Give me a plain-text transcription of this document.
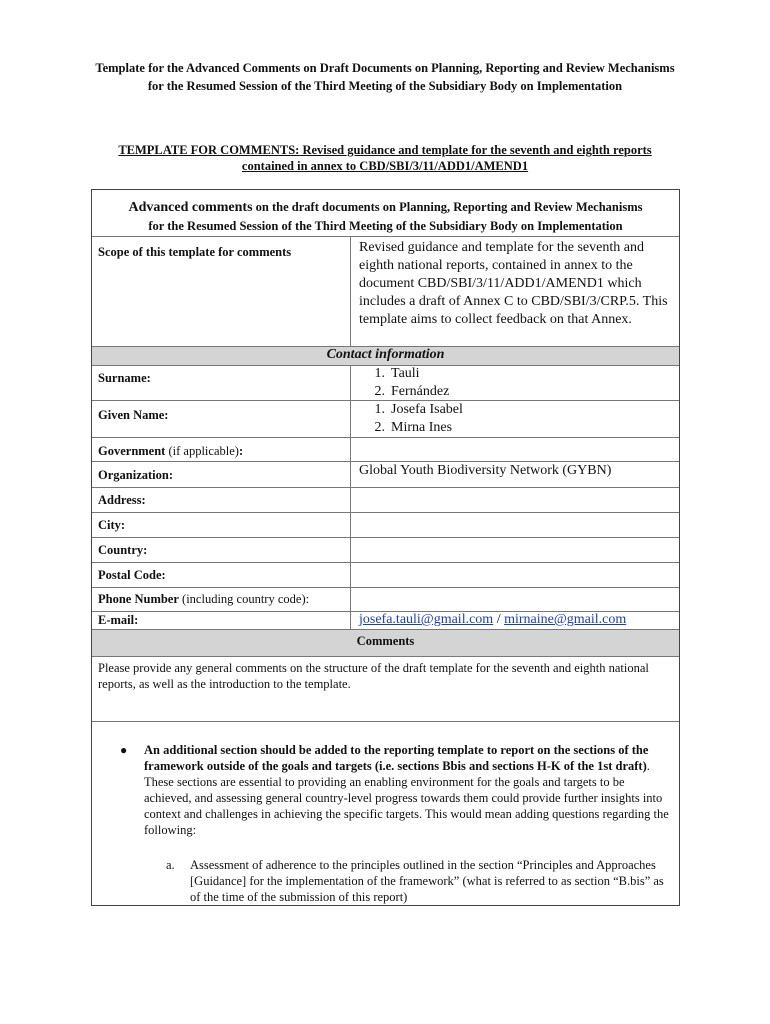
Template for the Advanced Comments on Draft Documents on Planning, Reporting and Review Mechanisms for the Resumed Session of the Third Meeting of the Subsidiary Body on Implementation
TEMPLATE FOR COMMENTS: Revised guidance and template for the seventh and eighth reports contained in annex to CBD/SBI/3/11/ADD1/AMEND1
Advanced comments on the draft documents on Planning, Reporting and Review Mechanisms
for the Resumed Session of the Third Meeting of the Subsidiary Body on Implementation
Scope of this template for comments	Revised guidance and template for the seventh and eighth national reports, contained in annex to the document CBD/SBI/3/11/ADD1/AMEND1 which includes a draft of Annex C to CBD/SBI/3/CRP.5. This template aims to collect feedback on that Annex.
Contact information
Surname:	1. Tauli
2. Fernández
Given Name:	1. Josefa Isabel
2. Mirna Ines
Government (if applicable):
Organization:	Global Youth Biodiversity Network (GYBN)
Address:
City:
Country:
Postal Code:
Phone Number (including country code):
E-mail:	josefa.tauli@gmail.com / mirnaine@gmail.com
Comments
Please provide any general comments on the structure of the draft template for the seventh and eighth national reports, as well as the introduction to the template.
● An additional section should be added to the reporting template to report on the sections of the framework outside of the goals and targets (i.e. sections Bbis and sections H-K of the 1st draft). These sections are essential to providing an enabling environment for the goals and targets to be achieved, and assessing general country-level progress towards them could provide further insights into context and challenges in achieving the specific targets. This would mean adding questions regarding the following:
a. Assessment of adherence to the principles outlined in the section “Principles and Approaches [Guidance] for the implementation of the framework” (what is referred to as section “B.bis” as of the time of the submission of this report)
